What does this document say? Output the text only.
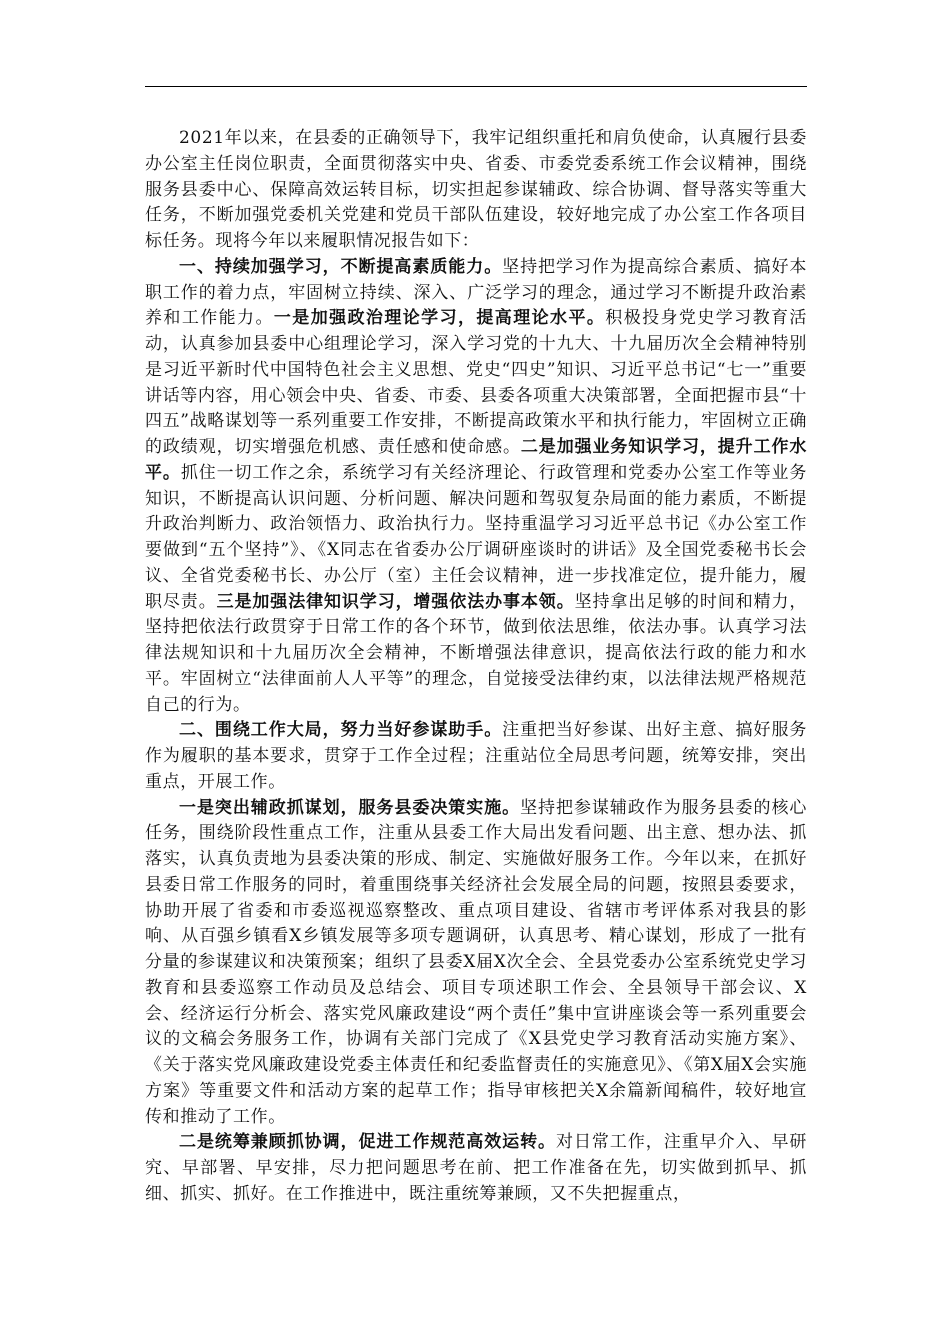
2021年以来，在县委的正确领导下，我牢记组织重托和肩负使命，认真履行县委办公室主任岗位职责，全面贯彻落实中央、省委、市委党委系统工作会议精神，围绕服务县委中心、保障高效运转目标，切实担起参谋辅政、综合协调、督导落实等重大任务，不断加强党委机关党建和党员干部队伍建设，较好地完成了办公室工作各项目标任务。现将今年以来履职情况报告如下：

一、持续加强学习，不断提高素质能力。坚持把学习作为提高综合素质、搞好本职工作的着力点，牢固树立持续、深入、广泛学习的理念，通过学习不断提升政治素养和工作能力。一是加强政治理论学习，提高理论水平。积极投身党史学习教育活动，认真参加县委中心组理论学习，深入学习党的十九大、十九届历次全会精神特别是习近平新时代中国特色社会主义思想、党史“四史”知识、习近平总书记“七一”重要讲话等内容，用心领会中央、省委、市委、县委各项重大决策部署，全面把握市县“十四五”战略谋划等一系列重要工作安排，不断提高政策水平和执行能力，牢固树立正确的政绩观，切实增强危机感、责任感和使命感。二是加强业务知识学习，提升工作水平。抓住一切工作之余，系统学习有关经济理论、行政管理和党委办公室工作等业务知识，不断提高认识问题、分析问题、解决问题和驾驭复杂局面的能力素质，不断提升政治判断力、政治领悟力、政治执行力。坚持重温学习习近平总书记《办公室工作要做到“五个坚持”》、《X同志在省委办公厅调研座谈时的讲话》及全国党委秘书长会议、全省党委秘书长、办公厅（室）主任会议精神，进一步找准定位，提升能力，履职尽责。三是加强法律知识学习，增强依法办事本领。坚持拿出足够的时间和精力，坚持把依法行政贯穿于日常工作的各个环节，做到依法思维，依法办事。认真学习法律法规知识和十九届历次全会精神，不断增强法律意识，提高依法行政的能力和水平。牢固树立“法律面前人人平等”的理念，自觉接受法律约束，以法律法规严格规范自己的行为。

二、围绕工作大局，努力当好参谋助手。注重把当好参谋、出好主意、搞好服务作为履职的基本要求，贯穿于工作全过程；注重站位全局思考问题，统筹安排，突出重点，开展工作。

一是突出辅政抓谋划，服务县委决策实施。坚持把参谋辅政作为服务县委的核心任务，围绕阶段性重点工作，注重从县委工作大局出发看问题、出主意、想办法、抓落实，认真负责地为县委决策的形成、制定、实施做好服务工作。今年以来，在抓好县委日常工作服务的同时，着重围绕事关经济社会发展全局的问题，按照县委要求，协助开展了省委和市委巡视巡察整改、重点项目建设、省辖市考评体系对我县的影响、从百强乡镇看X乡镇发展等多项专题调研，认真思考、精心谋划，形成了一批有分量的参谋建议和决策预案；组织了县委X届X次全会、全县党委办公室系统党史学习教育和县委巡察工作动员及总结会、项目专项述职工作会、全县领导干部会议、X会、经济运行分析会、落实党风廉政建设“两个责任”集中宣讲座谈会等一系列重要会议的文稿会务服务工作，协调有关部门完成了《X县党史学习教育活动实施方案》、《关于落实党风廉政建设党委主体责任和纪委监督责任的实施意见》、《第X届X会实施方案》等重要文件和活动方案的起草工作；指导审核把关X余篇新闻稿件，较好地宣传和推动了工作。

二是统筹兼顾抓协调，促进工作规范高效运转。对日常工作，注重早介入、早研究、早部署、早安排，尽力把问题思考在前、把工作准备在先，切实做到抓早、抓细、抓实、抓好。在工作推进中，既注重统筹兼顾，又不失把握重点，
